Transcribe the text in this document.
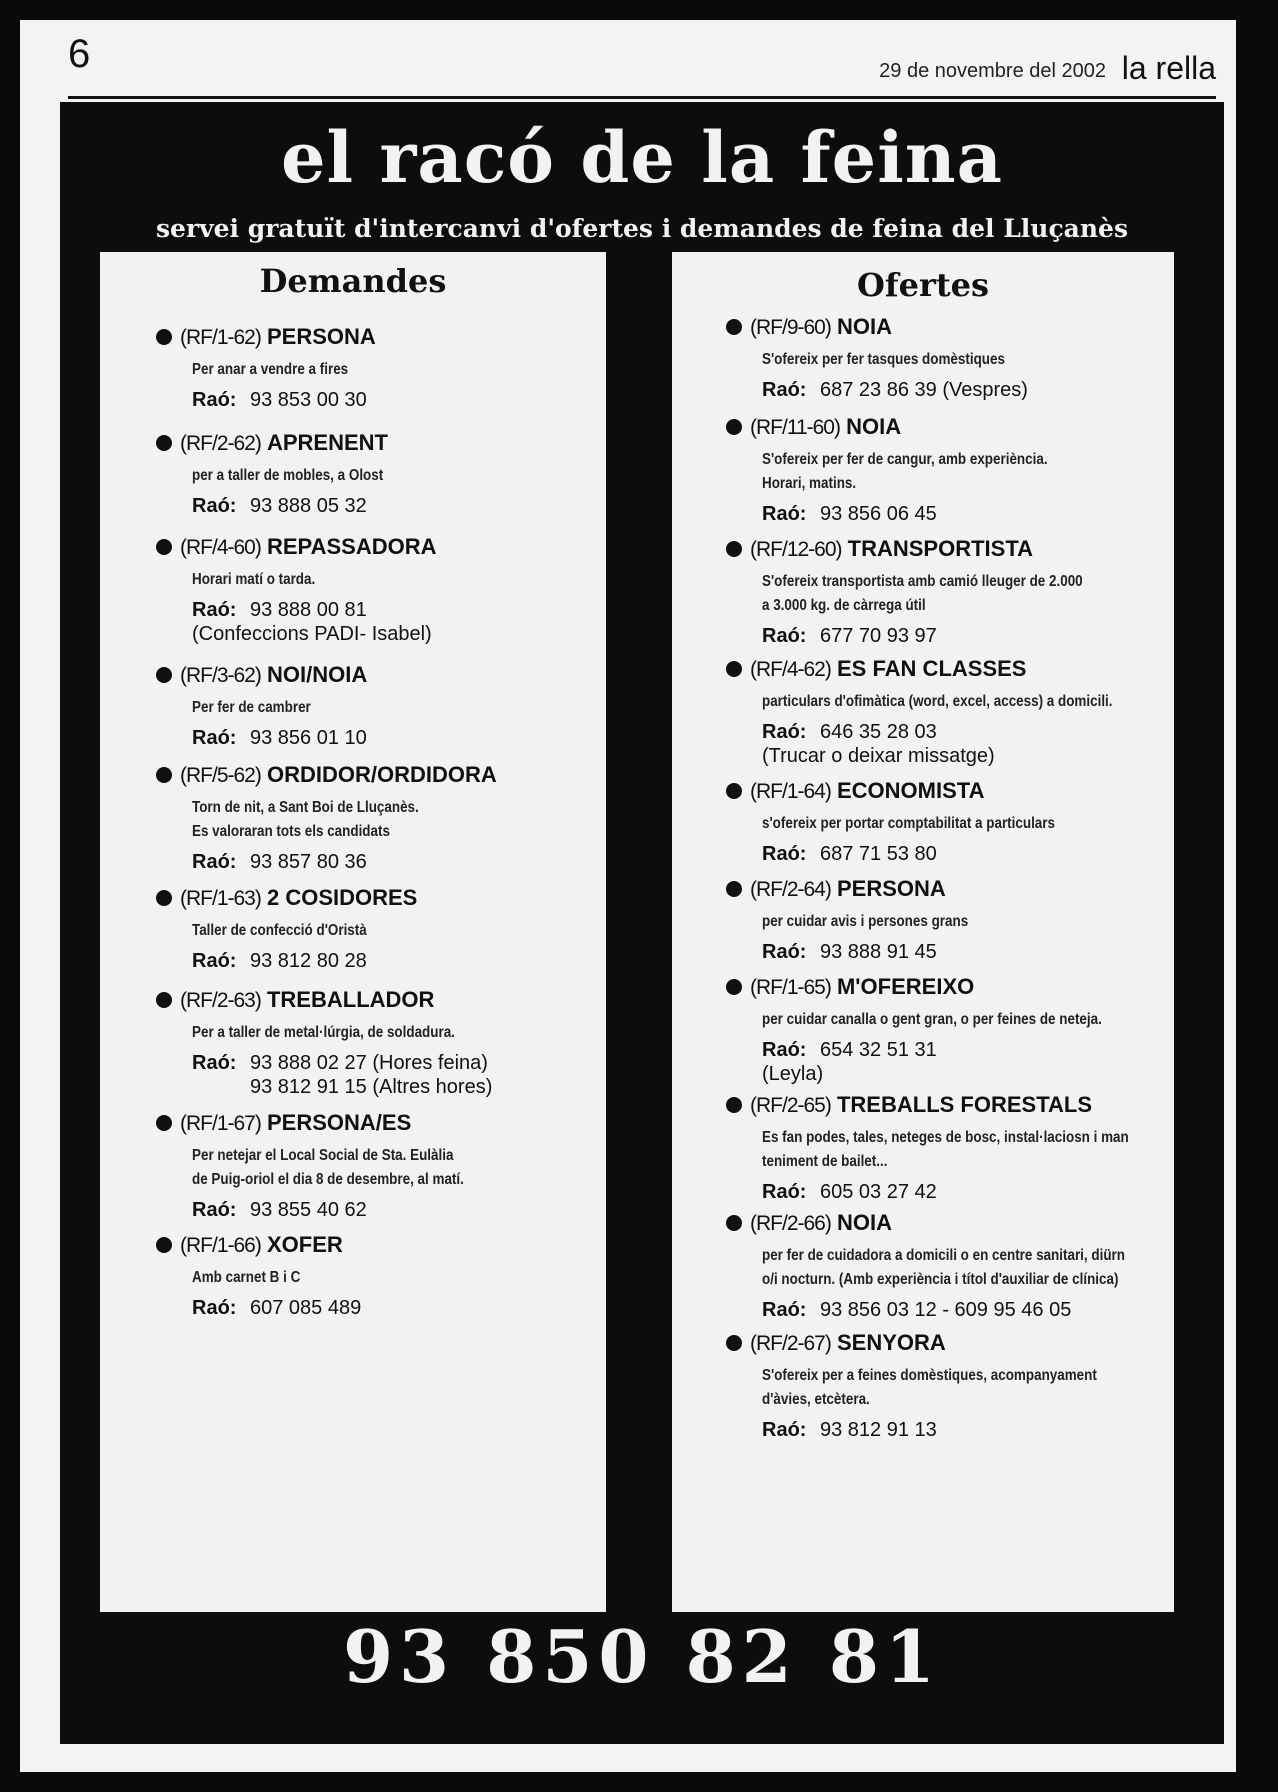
6	29 de novembre del 2002 la rella
el racó de la feina
servei gratuït d'intercanvi d'ofertes i demandes de feina del Lluçanès
Demandes
(RF/1-62) PERSONA
Per anar a vendre a fires
Raó: 93 853 00 30
(RF/2-62) APRENENT
per a taller de mobles, a Olost
Raó: 93 888 05 32
(RF/4-60) REPASSADORA
Horari matí o tarda.
Raó: 93 888 00 81
(Confeccions PADI- Isabel)
(RF/3-62) NOI/NOIA
Per fer de cambrer
Raó: 93 856 01 10
(RF/5-62) ORDIDOR/ORDIDORA
Torn de nit, a Sant Boi de Lluçanès.
Es valoraran tots els candidats
Raó: 93 857 80 36
(RF/1-63) 2 COSIDORES
Taller de confecció d'Oristà
Raó: 93 812 80 28
(RF/2-63) TREBALLADOR
Per a taller de metal·lúrgia, de soldadura.
Raó: 93 888 02 27 (Hores feina)
93 812 91 15 (Altres hores)
(RF/1-67) PERSONA/ES
Per netejar el Local Social de Sta. Eulàlia
de Puig-oriol el dia 8 de desembre, al matí.
Raó: 93 855 40 62
(RF/1-66) XOFER
Amb carnet B i C
Raó: 607 085 489
Ofertes
(RF/9-60) NOIA
S'ofereix per fer tasques domèstiques
Raó: 687 23 86 39 (Vespres)
(RF/11-60) NOIA
S'ofereix per fer de cangur, amb experiència.
Horari, matins.
Raó: 93 856 06 45
(RF/12-60) TRANSPORTISTA
S'ofereix transportista amb camió lleuger de 2.000
a 3.000 kg. de càrrega útil
Raó: 677 70 93 97
(RF/4-62) ES FAN CLASSES
particulars d'ofimàtica (word, excel, access) a domicili.
Raó: 646 35 28 03
(Trucar o deixar missatge)
(RF/1-64) ECONOMISTA
s'ofereix per portar comptabilitat a particulars
Raó: 687 71 53 80
(RF/2-64) PERSONA
per cuidar avis i persones grans
Raó: 93 888 91 45
(RF/1-65) M'OFEREIXO
per cuidar canalla o gent gran, o per feines de neteja.
Raó: 654 32 51 31
(Leyla)
(RF/2-65) TREBALLS FORESTALS
Es fan podes, tales, neteges de bosc, instal·laciosn i man
teniment de bailet...
Raó: 605 03 27 42
(RF/2-66) NOIA
per fer de cuidadora a domicili o en centre sanitari, diürn
o/i nocturn. (Amb experiència i títol d'auxiliar de clínica)
Raó: 93 856 03 12 - 609 95 46 05
(RF/2-67) SENYORA
S'ofereix per a feines domèstiques, acompanyament
d'àvies, etcètera.
Raó: 93 812 91 13
93 850 82 81
